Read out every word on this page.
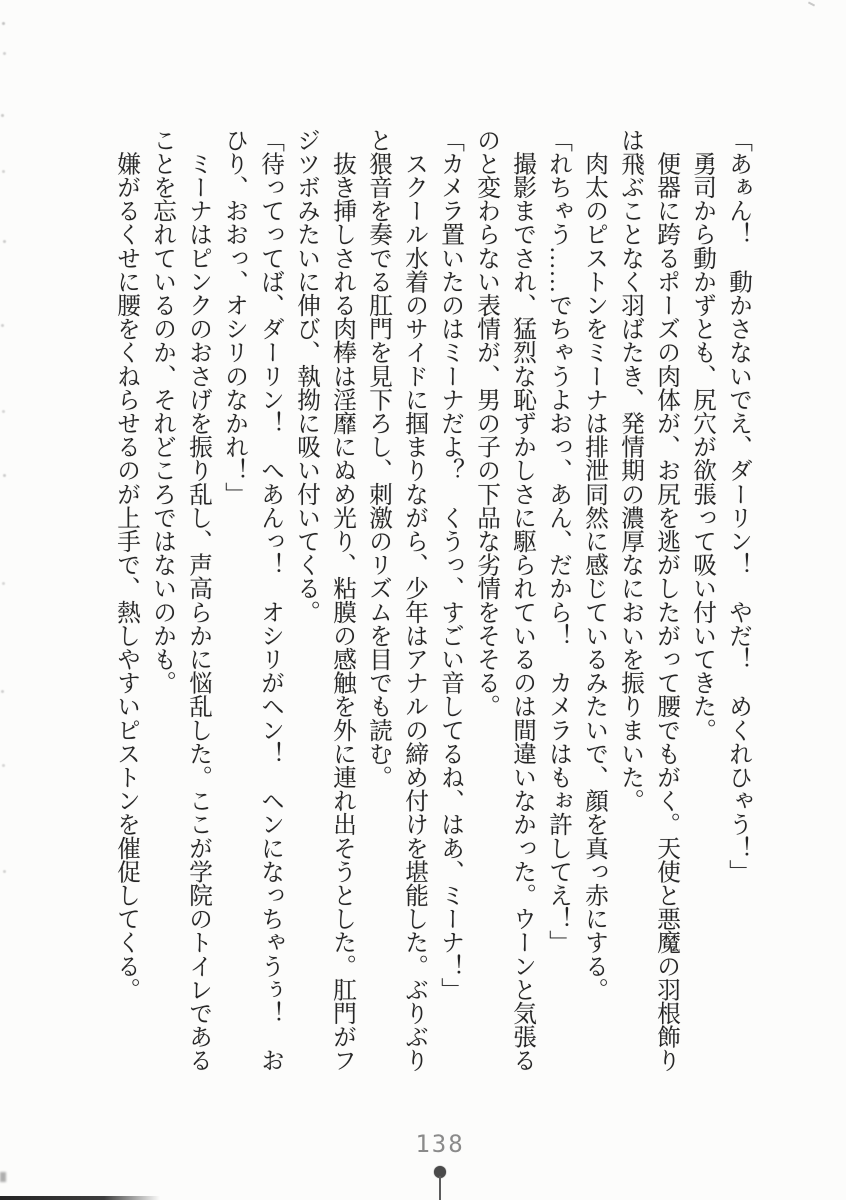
「あぁん！　動かさないでえ、ダーリン！　やだ！　めくれひゃう！」

　勇司から動かずとも、尻穴が欲張って吸い付いてきた。

　便器に跨るポーズの肉体が、お尻を逃がしたがって腰でもがく。天使と悪魔の羽根飾り

は飛ぶことなく羽ばたき、発情期の濃厚なにおいを振りまいた。

　肉太のピストンをミーナは排泄同然に感じているみたいで、顔を真っ赤にする。

「れちゃう……でちゃうよおっ、あん、だから！　カメラはもぉ許してえ！」

　撮影までされ、猛烈な恥ずかしさに駆られているのは間違いなかった。ウーンと気張る

のと変わらない表情が、男の子の下品な劣情をそそる。

「カメラ置いたのはミーナだよ？　くうっ、すごい音してるね、はあ、ミーナ！」

　スクール水着のサイドに掴まりながら、少年はアナルの締め付けを堪能した。ぶりぶり

と猥音を奏でる肛門を見下ろし、刺激のリズムを目でも読む。

　抜き挿しされる肉棒は淫靡にぬめ光り、粘膜の感触を外に連れ出そうとした。肛門がフ

ジツボみたいに伸び、執拗に吸い付いてくる。

「待ってってば、ダーリン！　へあんっ！　オシリがヘン！　ヘンになっちゃうぅ！　お

ひり、おおっ、オシリのなかれ！」

　ミーナはピンクのおさげを振り乱し、声高らかに悩乱した。ここが学院のトイレである

ことを忘れているのか、それどころではないのかも。

　嫌がるくせに腰をくねらせるのが上手で、熱しやすいピストンを催促してくる。

138
